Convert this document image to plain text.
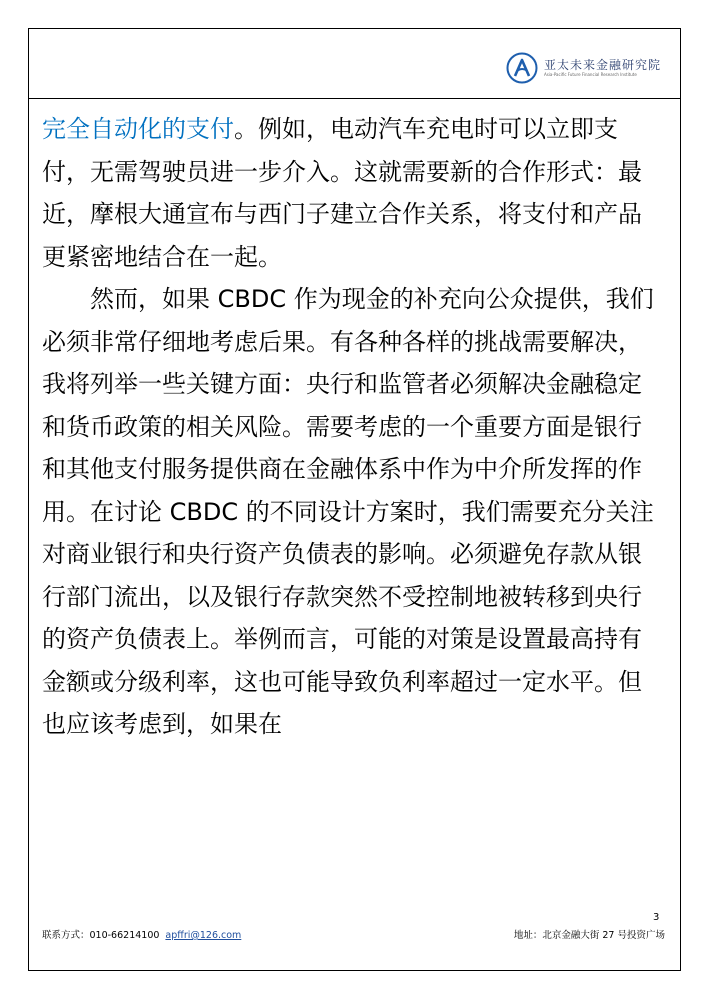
亚太未来金融研究院
Asia-Pacific Future Financial Research Institute

完全自动化的支付。例如，电动汽车充电时可以立即支付，无需驾驶员进一步介入。这就需要新的合作形式：最近，摩根大通宣布与西门子建立合作关系，将支付和产品更紧密地结合在一起。

然而，如果 CBDC 作为现金的补充向公众提供，我们必须非常仔细地考虑后果。有各种各样的挑战需要解决，我将列举一些关键方面：央行和监管者必须解决金融稳定和货币政策的相关风险。需要考虑的一个重要方面是银行和其他支付服务提供商在金融体系中作为中介所发挥的作用。在讨论 CBDC 的不同设计方案时，我们需要充分关注对商业银行和央行资产负债表的影响。必须避免存款从银行部门流出，以及银行存款突然不受控制地被转移到央行的资产负债表上。举例而言，可能的对策是设置最高持有金额或分级利率，这也可能导致负利率超过一定水平。但也应该考虑到，如果在

3
联系方式：010-66214100 apffri@126.com	地址：北京金融大街 27 号投资广场
